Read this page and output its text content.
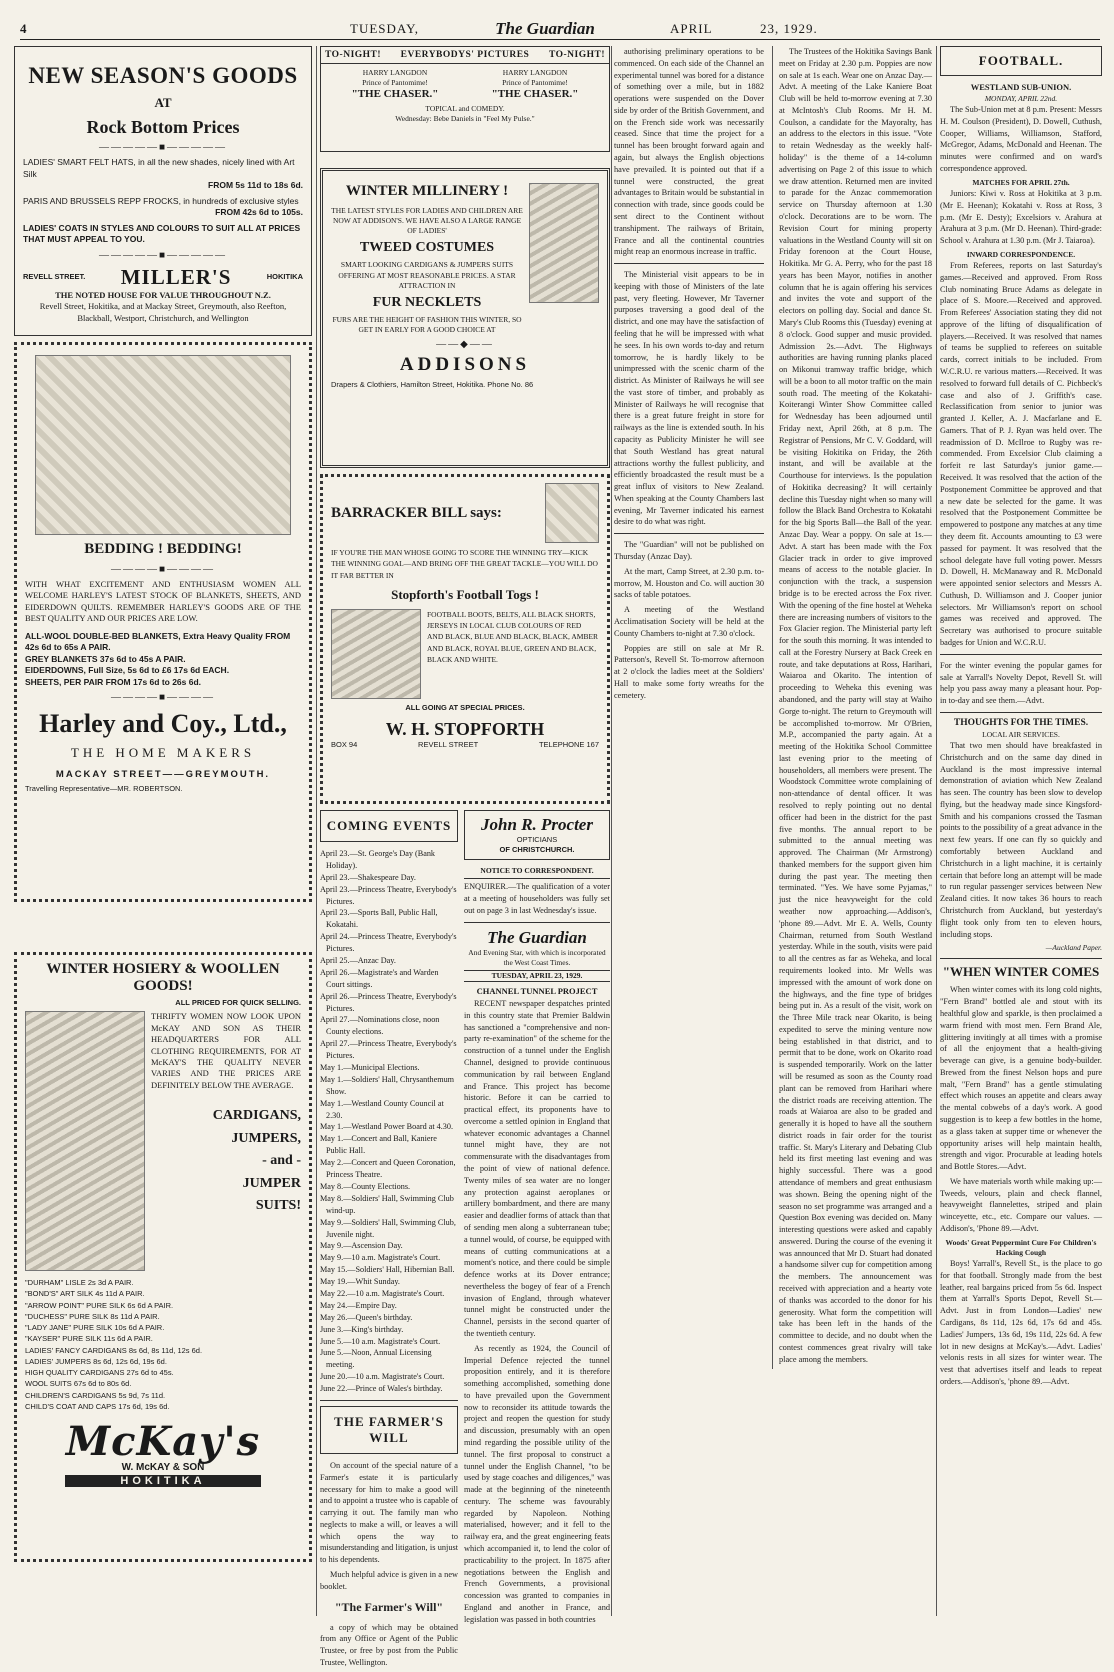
4	TUESDAY,	The Guardian	APRIL	23, 1929.
NEW SEASON'S GOODS
AT
Rock Bottom Prices
—————■—————
LADIES' SMART FELT HATS, in all the new shades, nicely lined with Art Silk
FROM 5s 11d to 18s 6d.
PARIS AND BRUSSELS REPP FROCKS, in hundreds of exclusive styles
FROM 42s 6d to 105s.
LADIES' COATS IN STYLES AND COLOURS TO SUIT ALL AT PRICES THAT MUST APPEAL TO YOU.
—————■—————
REVELL STREET. MILLER'S	HOKITIKA
THE NOTED HOUSE FOR VALUE THROUGHOUT N.Z.
Revell Street, Hokitika, and at Mackay Street, Greymouth, also Reefton, Blackball, Westport, Christchurch, and Wellington
BEDDING ! BEDDING!
————■————
WITH WHAT EXCITEMENT AND ENTHUSIASM WOMEN ALL WELCOME HARLEY'S LATEST STOCK OF BLANKETS, SHEETS, AND EIDERDOWN QUILTS. REMEMBER HARLEY'S GOODS ARE OF THE BEST QUALITY AND OUR PRICES ARE LOW.
ALL-WOOL DOUBLE-BED BLANKETS, Extra Heavy Quality FROM 42s 6d to 65s A PAIR.
GREY BLANKETS 37s 6d to 45s A PAIR.
EIDERDOWNS, Full Size, 5s 6d to £6 17s 6d EACH.
SHEETS, PER PAIR FROM 17s 6d to 26s 6d.
————■————
Harley and Coy., Ltd.,
THE HOME MAKERS
MACKAY STREET——GREYMOUTH.
Travelling Representative—MR. ROBERTSON.
WINTER HOSIERY & WOOLLEN GOODS!
ALL PRICED FOR QUICK SELLING.
THRIFTY WOMEN NOW LOOK UPON McKAY AND SON AS THEIR HEADQUARTERS FOR ALL CLOTHING REQUIREMENTS, FOR AT McKAY'S THE QUALITY NEVER VARIES AND THE PRICES ARE DEFINITELY BELOW THE AVERAGE.
CARDIGANS,
JUMPERS,
- and -
JUMPER
SUITS!
"DURHAM" LISLE 2s 3d A PAIR.
"BOND'S" ART SILK 4s 11d A PAIR.
"ARROW POINT" PURE SILK 6s 6d A PAIR.
"DUCHESS" PURE SILK 8s 11d A PAIR.
"LADY JANE" PURE SILK 10s 6d A PAIR.
"KAYSER" PURE SILK 11s 6d A PAIR.
LADIES' FANCY CARDIGANS 8s 6d, 8s 11d, 12s 6d.
LADIES' JUMPERS 8s 6d, 12s 6d, 19s 6d.
HIGH QUALITY CARDIGANS 27s 6d to 45s.
WOOL SUITS 67s 6d to 80s 6d.
CHILDREN'S CARDIGANS 5s 9d, 7s 11d.
CHILD'S COAT AND CAPS 17s 6d, 19s 6d.
McKay's
W. McKAY & SON
HOKITIKA
TO-NIGHT! EVERYBODYS' PICTURES TO-NIGHT!
HARRY LANGDON
Prince of Pantomime!
"THE CHASER."
HARRY LANGDON
Prince of Pantomime!
"THE CHASER."
TOPICAL and COMEDY.
Wednesday: Bebe Daniels in "Feel My Pulse."
WINTER MILLINERY !
THE LATEST STYLES FOR LADIES AND CHILDREN ARE NOW AT ADDISON'S. WE HAVE ALSO A LARGE RANGE OF LADIES'
TWEED COSTUMES
SMART LOOKING CARDIGANS & JUMPERS SUITS OFFERING AT MOST REASONABLE PRICES. A STAR ATTRACTION IN
FUR NECKLETS
FURS ARE THE HEIGHT OF FASHION THIS WINTER, SO GET IN EARLY FOR A GOOD CHOICE AT
——◆——
ADDISONS
Drapers & Clothiers, Hamilton Street, Hokitika. Phone No. 86
BARRACKER BILL says:
IF YOU'RE THE MAN WHOSE GOING TO SCORE THE WINNING TRY—KICK THE WINNING GOAL—AND BRING OFF THE GREAT TACKLE—YOU WILL DO IT FAR BETTER IN
Stopforth's Football Togs !
FOOTBALL BOOTS, BELTS, ALL BLACK SHORTS, JERSEYS IN LOCAL CLUB COLOURS OF RED AND BLACK, BLUE AND BLACK, BLACK, AMBER AND BLACK, ROYAL BLUE, GREEN AND BLACK, BLACK AND WHITE.
ALL GOING AT SPECIAL PRICES.
W. H. STOPFORTH
BOX 94	REVELL STREET	TELEPHONE 167
COMING EVENTS
April 23.—St. George's Day (Bank Holiday).
April 23.—Shakespeare Day.
April 23.—Princess Theatre, Everybody's Pictures.
April 23.—Sports Ball, Public Hall, Kokatahi.
April 24.—Princess Theatre, Everybody's Pictures.
April 25.—Anzac Day.
April 26.—Magistrate's and Warden Court sittings.
April 26.—Princess Theatre, Everybody's Pictures.
April 27.—Nominations close, noon County elections.
April 27.—Princess Theatre, Everybody's Pictures.
May 1.—Municipal Elections.
May 1.—Soldiers' Hall, Chrysanthemum Show.
May 1.—Westland County Council at 2.30.
May 1.—Westland Power Board at 4.30.
May 1.—Concert and Ball, Kaniere Public Hall.
May 2.—Concert and Queen Coronation, Princess Theatre.
May 8.—County Elections.
May 8.—Soldiers' Hall, Swimming Club wind-up.
May 9.—Soldiers' Hall, Swimming Club, Juvenile night.
May 9.—Ascension Day.
May 9.—10 a.m. Magistrate's Court.
May 15.—Soldiers' Hall, Hibernian Ball.
May 19.—Whit Sunday.
May 22.—10 a.m. Magistrate's Court.
May 24.—Empire Day.
May 26.—Queen's birthday.
June 3.—King's birthday.
June 5.—10 a.m. Magistrate's Court.
June 5.—Noon, Annual Licensing meeting.
June 20.—10 a.m. Magistrate's Court.
June 22.—Prince of Wales's birthday.
THE FARMER'S WILL

On account of the special nature of a Farmer's estate it is particularly necessary for him to make a good will and to appoint a trustee who is capable of carrying it out. The family man who neglects to make a will, or leaves a will which opens the way to misunderstanding and litigation, is unjust to his dependents.

Much helpful advice is given in a new booklet.

"The Farmer's Will"

a copy of which may be obtained from any Office or Agent of the Public Trustee, or free by post from the Public Trustee, Wellington.

John R. Procter
OPTICIANS
OF CHRISTCHURCH.
NOTICE TO CORRESPONDENT.
ENQUIRER.—The qualification of a voter at a meeting of householders was fully set out on page 3 in last Wednesday's issue.
The Guardian
And Evening Star, with which is incorporated the West Coast Times.
TUESDAY, APRIL 23, 1929.
CHANNEL TUNNEL PROJECT

RECENT newspaper despatches printed in this country state that Premier Baldwin has sanctioned a "comprehensive and non-party re-examination" of the scheme for the construction of a tunnel under the English Channel, designed to provide continuous communication by rail between England and France. This project has become historic. Before it can be carried to practical effect, its proponents have to overcome a settled opinion in England that whatever economic advantages a Channel tunnel might have, they are not commensurate with the disadvantages from the point of view of national defence. Twenty miles of sea water are no longer any protection against aeroplanes or artillery bombardment, and there are many easier and deadlier forms of attack than that of sending men along a subterranean tube; a tunnel would, of course, be equipped with means of cutting communications at a moment's notice, and there could be simple defence works at its Dover entrance; nevertheless the bogey of fear of a French invasion of England, through whatever tunnel might be constructed under the Channel, persists in the second quarter of the twentieth century.

As recently as 1924, the Council of Imperial Defence rejected the tunnel proposition entirely, and it is therefore something accomplished, something done to have prevailed upon the Government now to reconsider its attitude towards the project and reopen the question for study and discussion, presumably with an open mind regarding the possible utility of the tunnel. The first proposal to construct a tunnel under the English Channel, "to be used by stage coaches and diligences," was made at the beginning of the nineteenth century. The scheme was favourably regarded by Napoleon. Nothing materialised, however; and it fell to the railway era, and the great engineering feats which accompanied it, to lend the color of practicability to the project. In 1875 after negotiations between the English and French Governments, a provisional concession was granted to companies in England and another in France, and legislation was passed in both countries

authorising preliminary operations to be commenced. On each side of the Channel an experimental tunnel was bored for a distance of something over a mile, but in 1882 operations were suspended on the Dover side by order of the British Government, and on the French side work was necessarily ceased. Since that time the project for a tunnel has been brought forward again and again, but always the English objections have prevailed. It is pointed out that if a tunnel were constructed, the great advantages to Britain would be substantial in connection with trade, since goods could be sent direct to the Continent without transhipment. The railways of Britain, France and all the continental countries might reap an enormous increase in traffic.

The Ministerial visit appears to be in keeping with those of Ministers of the late past, very fleeting. However, Mr Taverner purposes traversing a good deal of the district, and one may have the satisfaction of feeling that he will be impressed with what he sees. In his own words to-day and return tomorrow, he is hardly likely to be unimpressed with the scenic charm of the district. As Minister of Railways he will see the vast store of timber, and probably as Minister of Railways he will recognise that there is a great future freight in store for railways as the line is extended south. In his capacity as Publicity Minister he will see that South Westland has great natural attractions worthy the fullest publicity, and efficiently broadcasted the result must be a great influx of visitors to New Zealand. When speaking at the County Chambers last evening, Mr Taverner indicated his earnest desire to do what was right.

The "Guardian" will not be published on Thursday (Anzac Day).

At the mart, Camp Street, at 2.30 p.m. to-morrow, M. Houston and Co. will auction 30 sacks of table potatoes.

A meeting of the Westland Acclimatisation Society will be held at the County Chambers to-night at 7.30 o'clock.

Poppies are still on sale at Mr R. Patterson's, Revell St. To-morrow afternoon at 2 o'clock the ladies meet at the Soldiers' Hall to make some forty wreaths for the cemetery.

The Trustees of the Hokitika Savings Bank meet on Friday at 2.30 p.m. Poppies are now on sale at 1s each. Wear one on Anzac Day.—Advt. A meeting of the Lake Kaniere Boat Club will be held to-morrow evening at 7.30 at McIntosh's Club Rooms. Mr H. M. Coulson, a candidate for the Mayoralty, has an address to the electors in this issue. "Vote to retain Wednesday as the weekly half-holiday" is the theme of a 14-column advertising on Page 2 of this issue to which we draw attention. Returned men are invited to parade for the Anzac commemoration service on Thursday afternoon at 1.30 o'clock. Decorations are to be worn. The Revision Court for mining property valuations in the Westland County will sit on Friday forenoon at the Court House, Hokitika. Mr G. A. Perry, who for the past 18 years has been Mayor, notifies in another column that he is again offering his services and invites the vote and support of the electors on polling day. Social and dance St. Mary's Club Rooms this (Tuesday) evening at 8 o'clock. Good supper and music provided. Admission 2s.—Advt. The Highways authorities are having running planks placed on Mikonui tramway traffic bridge, which will be a boon to all motor traffic on the main south road. The meeting of the Kokatahi-Koiterangi Winter Show Committee called for Wednesday has been adjourned until Friday next, April 26th, at 8 p.m. The Registrar of Pensions, Mr C. V. Goddard, will be visiting Hokitika on Friday, the 26th instant, and will be available at the Courthouse for interviews. Is the population of Hokitika decreasing? It will certainly decline this Tuesday night when so many will follow the Black Band Orchestra to Kokatahi for the big Sports Ball—the Ball of the year. Anzac Day. Wear a poppy. On sale at 1s.—Advt. A start has been made with the Fox Glacier track in order to give improved means of access to the notable glacier. In conjunction with the track, a suspension bridge is to be erected across the Fox river. With the opening of the fine hostel at Weheka there are increasing numbers of visitors to the Fox Glacier region. The Ministerial party left for the south this morning. It was intended to call at the Forestry Nursery at Back Creek en route, and take deputations at Ross, Harihari, Waiaroa and Okarito. The intention of proceeding to Weheka this evening was abandoned, and the party will stay at Waiho Gorge to-night. The return to Greymouth will be accomplished to-morrow. Mr O'Brien, M.P., accompanied the party again. At a meeting of the Hokitika School Committee last evening prior to the meeting of householders, all members were present. The Woodstock Committee wrote complaining of non-attendance of dental officer. It was resolved to reply pointing out no dental officer had been in the district for the past five months. The annual report to be submitted to the annual meeting was approved. The Chairman (Mr Armstrong) thanked members for the support given him during the past year. The meeting then terminated. "Yes. We have some Pyjamas," just the nice heavyweight for the cold weather now approaching.—Addison's, 'phone 89.—Advt. Mr E. A. Wells, County Chairman, returned from South Westland yesterday. While in the south, visits were paid to all the centres as far as Weheka, and local requirements looked into. Mr Wells was impressed with the amount of work done on the highways, and the fine type of bridges being put in. As a result of the visit, work on the Three Mile track near Okarito, is being expedited to serve the mining venture now being established in that district, and to permit that to be done, work on Okarito road is suspended temporarily. Work on the latter will be resumed as soon as the County road plant can be removed from Harihari where the district roads are receiving attention. The roads at Waiaroa are also to be graded and generally it is hoped to have all the southern district roads in fair order for the tourist traffic. St. Mary's Literary and Debating Club held its first meeting last evening and was highly successful. There was a good attendance of members and great enthusiasm was shown. Being the opening night of the season no set programme was arranged and a Question Box evening was decided on. Many interesting questions were asked and capably answered. During the course of the evening it was announced that Mr D. Stuart had donated a handsome silver cup for competition among the members. The announcement was received with appreciation and a hearty vote of thanks was accorded to the donor for his generosity. What form the competition will take has been left in the hands of the committee to decide, and no doubt when the contest commences great rivalry will take place among the members.

FOOTBALL.
WESTLAND SUB-UNION.
MONDAY, APRIL 22nd.

The Sub-Union met at 8 p.m. Present: Messrs H. M. Coulson (President), D. Dowell, Cuthush, Cooper, Williams, Williamson, Stafford, McGregor, Adams, McDonald and Heenan. The minutes were confirmed and on ward's correspondence approved.

MATCHES FOR APRIL 27th.

Juniors: Kiwi v. Ross at Hokitika at 3 p.m. (Mr E. Heenan); Kokatahi v. Ross at Ross, 3 p.m. (Mr E. Desty); Excelsiors v. Arahura at Arahura at 3 p.m. (Mr D. Heenan). Third-grade: School v. Arahura at 1.30 p.m. (Mr J. Taiaroa).

INWARD CORRESPONDENCE.

From Referees, reports on last Saturday's games.—Received and approved. From Ross Club nominating Bruce Adams as delegate in place of S. Moore.—Received and approved. From Referees' Association stating they did not approve of the lifting of disqualification of players.—Received. It was resolved that names of teams be supplied to referees on suitable cards, correct initials to be included. From W.C.R.U. re various matters.—Received. It was resolved to forward full details of C. Pichbeck's case and also of J. Griffith's case. Reclassification from senior to junior was granted J. Keller, A. J. Macfarlane and E. Gamers. That of P. J. Ryan was held over. The readmission of D. McIlroe to Rugby was re-commended. From Excelsior Club claiming a forfeit re last Saturday's junior game.—Received. It was resolved that the action of the Postponement Committee be approved and that a new date be selected for the game. It was resolved that the Postponement Committee be empowered to postpone any matches at any time they deem fit. Accounts amounting to £3 were passed for payment. It was resolved that the school delegate have full voting power. Messrs D. Dowell, H. McManaway and R. McDonald were appointed senior selectors and Messrs A. Cuthush, D. Williamson and J. Cooper junior selectors. Mr Williamson's report on school games was received and approved. The Secretary was authorised to procure suitable badges for Union and W.C.R.U.

For the winter evening the popular games for sale at Yarrall's Novelty Depot, Revell St. will help you pass away many a pleasant hour. Pop-in to-day and see them.—Advt.
THOUGHTS FOR THE TIMES.
LOCAL AIR SERVICES.

That two men should have breakfasted in Christchurch and on the same day dined in Auckland is the most impressive internal demonstration of aviation which New Zealand has seen. The country has been slow to develop flying, but the headway made since Kingsford-Smith and his companions crossed the Tasman points to the possibility of a great advance in the next few years. If one can fly so quickly and comfortably between Auckland and Christchurch in a light machine, it is certainly certain that before long an attempt will be made to run regular passenger services between New Zealand cities. It now takes 36 hours to reach Christchurch from Auckland, but yesterday's flight took only from ten to eleven hours, including stops.

—Auckland Paper.
"WHEN WINTER COMES

When winter comes with its long cold nights, "Fern Brand" bottled ale and stout with its healthful glow and sparkle, is then proclaimed a warm friend with most men. Fern Brand Ale, glittering invitingly at all times with a promise of all the enjoyment that a health-giving beverage can give, is a genuine body-builder. Brewed from the finest Nelson hops and pure malt, "Fern Brand" has a gentle stimulating effect which rouses an appetite and clears away the mental cobwebs of a day's work. A good suggestion is to keep a few bottles in the home, as a glass taken at supper time or whenever the opportunity arises will help maintain health, strength and vigor. Procurable at leading hotels and Bottle Stores.—Advt.

We have materials worth while making up:—Tweeds, velours, plain and check flannel, heavyweight flannelettes, striped and plain winceyette, etc., etc. Compare our values. — Addison's, 'Phone 89.—Advt.

Woods' Great Peppermint Cure For Children's Hacking Cough

Boys! Yarrall's, Revell St., is the place to go for that football. Strongly made from the best leather, real bargains priced from 5s 6d. Inspect them at Yarrall's Sports Depot, Revell St.—Advt. Just in from London—Ladies' new Cardigans, 8s 11d, 12s 6d, 17s 6d and 45s. Ladies' Jumpers, 13s 6d, 19s 11d, 22s 6d. A few lot in new designs at McKay's.—Advt. Ladies' velonis rests in all sizes for winter wear. The vest that advertises itself and leads to repeat orders.—Addison's, 'phone 89.—Advt.
